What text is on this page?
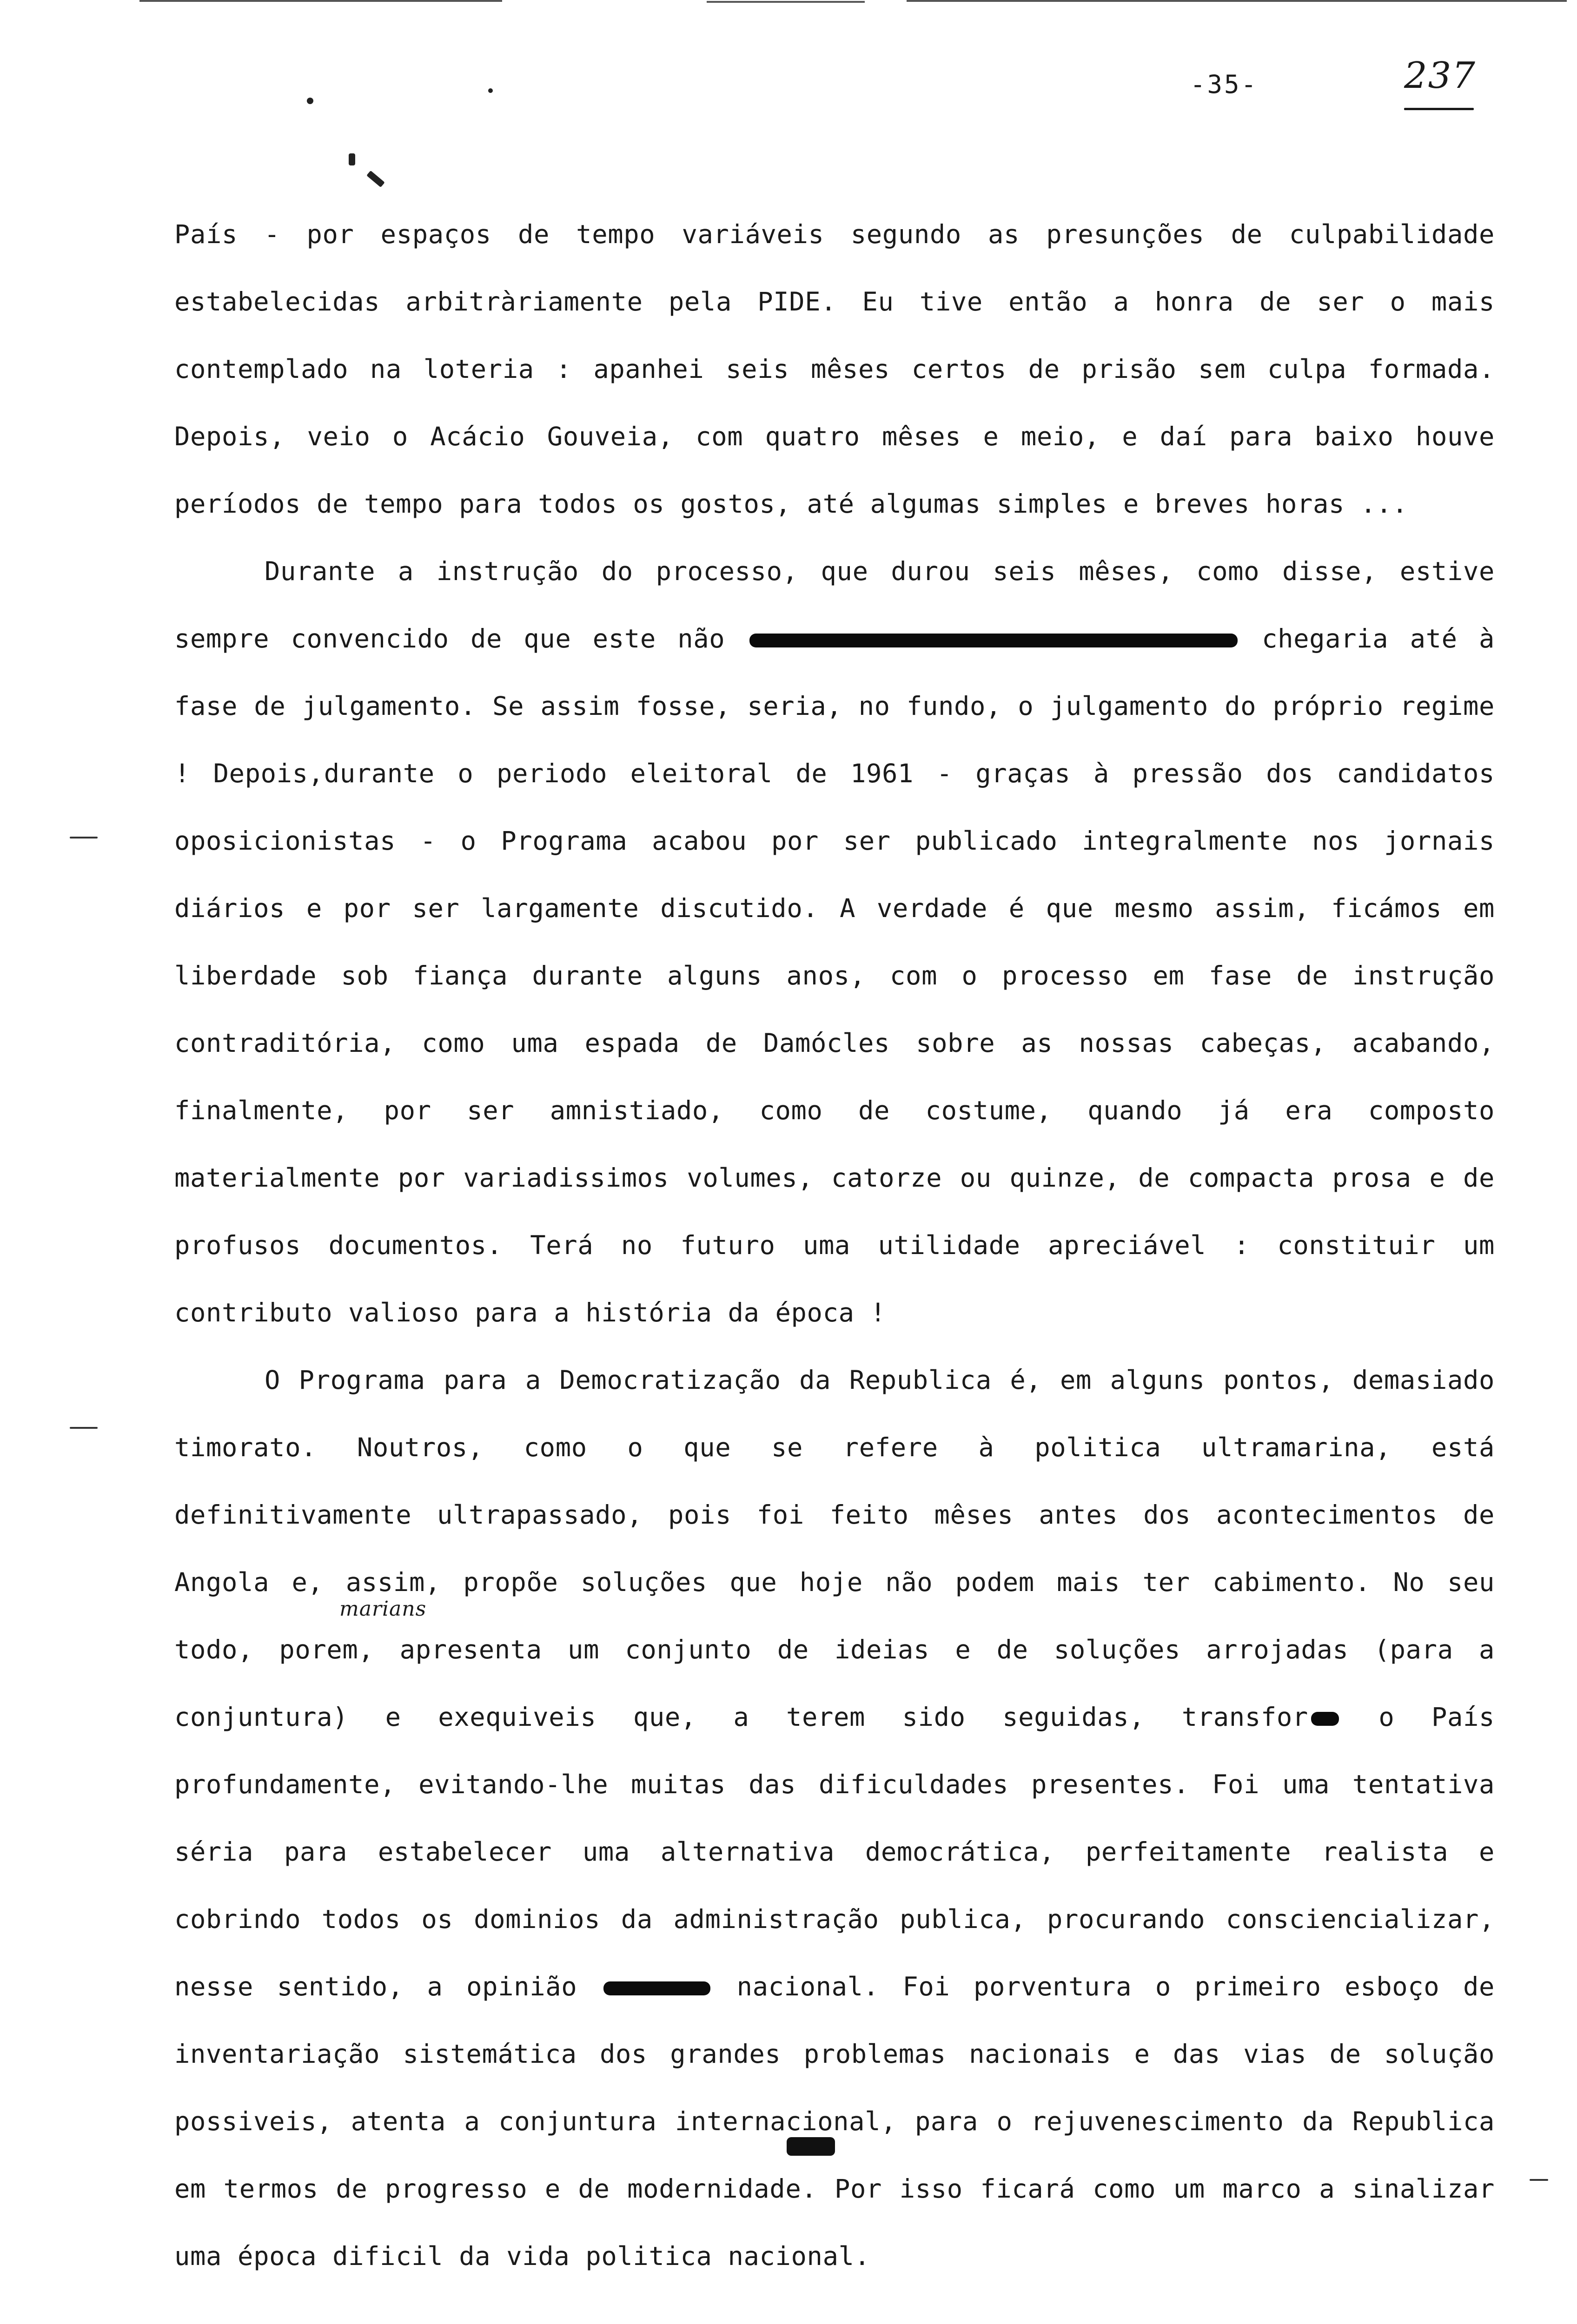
-35-	237
marians

País - por espaços de tempo variáveis segundo as presunções de culpabilidade estabelecidas arbitràriamente pela PIDE. Eu tive então a honra de ser o mais contemplado na loteria : apanhei seis mêses certos de prisão sem culpa formada. Depois, veio o Acácio Gouveia, com quatro mêses e meio, e daí para baixo houve períodos de tempo para todos os gostos, até algumas simples e breves horas ...

Durante a instrução do processo, que durou seis mêses, como disse, estive sempre convencido de que este não	chegaria até à fase de julgamento. Se assim fosse, seria, no fundo, o julgamento do próprio regime ! Depois,durante o periodo eleitoral de 1961 - graças à pressão dos candidatos oposicionistas - o Programa acabou por ser publicado integralmente nos jornais diários e por ser largamente discutido. A verdade é que mesmo assim, ficámos em liberdade sob fiança durante alguns anos, com o processo em fase de instrução contraditória, como uma espada de Damócles sobre as nossas cabeças, acabando, finalmente, por ser amnistiado, como de costume, quando já era composto materialmente por variadissimos volumes, catorze ou quinze, de compacta prosa e de profusos documentos. Terá no futuro uma utilidade apreciável : constituir um contributo valioso para a história da época !

O Programa para a Democratização da Republica é, em alguns pontos, demasiado timorato. Noutros, como o que se refere à politica ultramarina, está definitivamente ultrapassado, pois foi feito mêses antes dos acontecimentos de Angola e, assim, propõe soluções que hoje não podem mais ter cabimento. No seu todo, porem, apresenta um conjunto de ideias e de soluções arrojadas (para a conjuntura) e exequiveis que, a terem sido seguidas, transfor	o País profundamente, evitando-lhe muitas das dificuldades presentes. Foi uma tentativa séria para estabelecer uma alternativa democrática, perfeitamente realista e cobrindo todos os dominios da administração publica, procurando consciencializar, nesse sentido, a opinião	nacional. Foi porventura o primeiro esboço de inventariação sistemática dos grandes problemas nacionais e das vias de solução possiveis, atenta a conjuntura internacional, para o rejuvenescimento da Republica em termos de progresso e de modernidade. Por isso ficará como um marco a sinalizar uma época dificil da vida politica nacional.
